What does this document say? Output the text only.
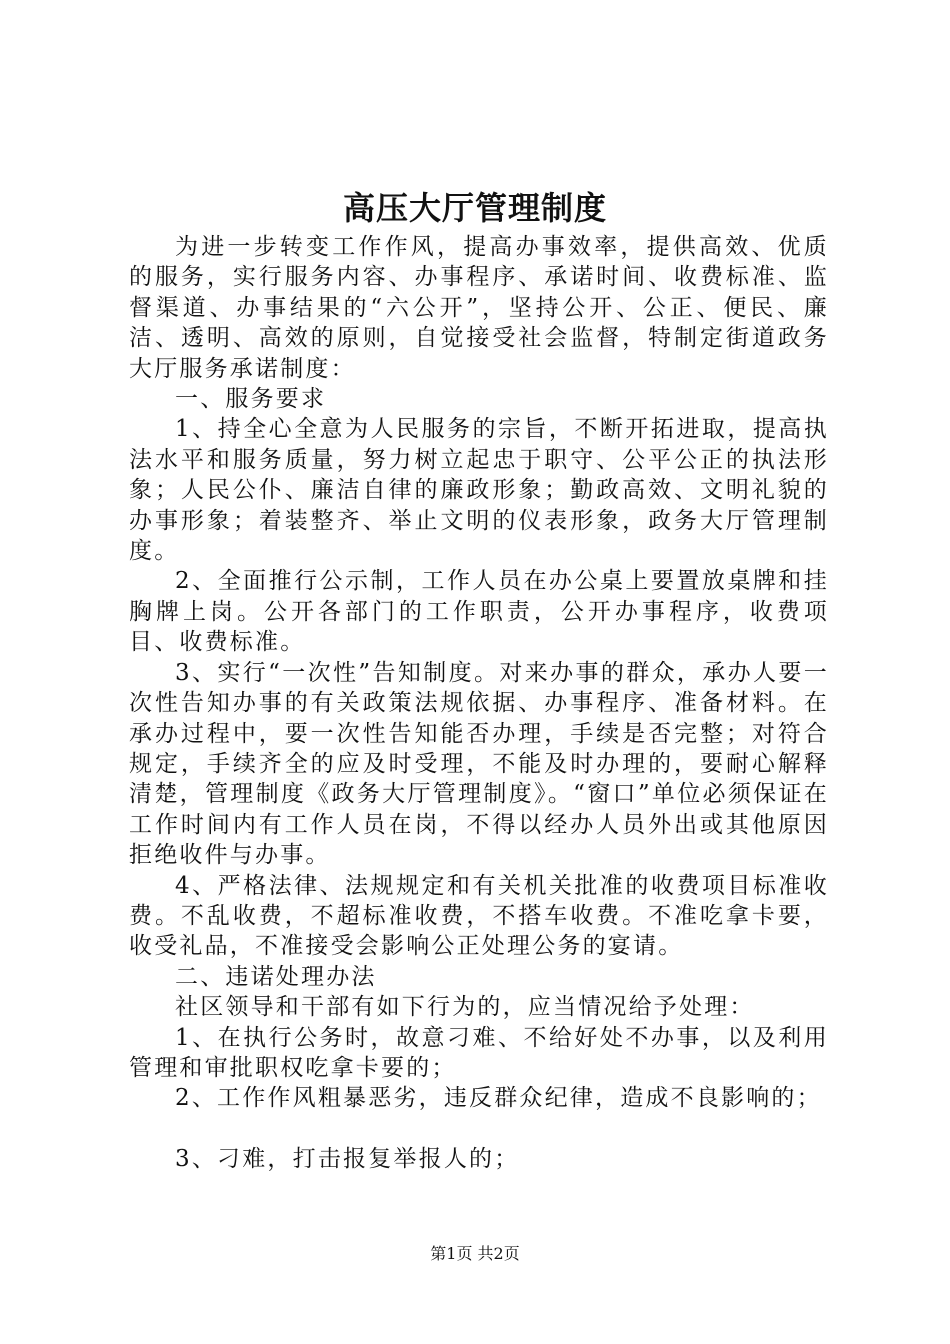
高压大厅管理制度

为进一步转变工作作风，提高办事效率，提供高效、优质的服务，实行服务内容、办事程序、承诺时间、收费标准、监督渠道、办事结果的“六公开”，坚持公开、公正、便民、廉洁、透明、高效的原则，自觉接受社会监督，特制定街道政务大厅服务承诺制度：

一、服务要求

1、持全心全意为人民服务的宗旨，不断开拓进取，提高执法水平和服务质量，努力树立起忠于职守、公平公正的执法形象；人民公仆、廉洁自律的廉政形象；勤政高效、文明礼貌的办事形象；着装整齐、举止文明的仪表形象，政务大厅管理制度。

2、全面推行公示制，工作人员在办公桌上要置放桌牌和挂胸牌上岗。公开各部门的工作职责，公开办事程序，收费项目、收费标准。

3、实行“一次性”告知制度。对来办事的群众，承办人要一次性告知办事的有关政策法规依据、办事程序、准备材料。在承办过程中，要一次性告知能否办理，手续是否完整；对符合规定，手续齐全的应及时受理，不能及时办理的，要耐心解释清楚，管理制度《政务大厅管理制度》。“窗口”单位必须保证在工作时间内有工作人员在岗，不得以经办人员外出或其他原因拒绝收件与办事。

4、严格法律、法规规定和有关机关批准的收费项目标准收费。不乱收费，不超标准收费，不搭车收费。不准吃拿卡要，收受礼品，不准接受会影响公正处理公务的宴请。

二、违诺处理办法

社区领导和干部有如下行为的，应当情况给予处理：

1、在执行公务时，故意刁难、不给好处不办事，以及利用管理和审批职权吃拿卡要的；

2、工作作风粗暴恶劣，违反群众纪律，造成不良影响的；

3、刁难，打击报复举报人的；

第1页 共2页
